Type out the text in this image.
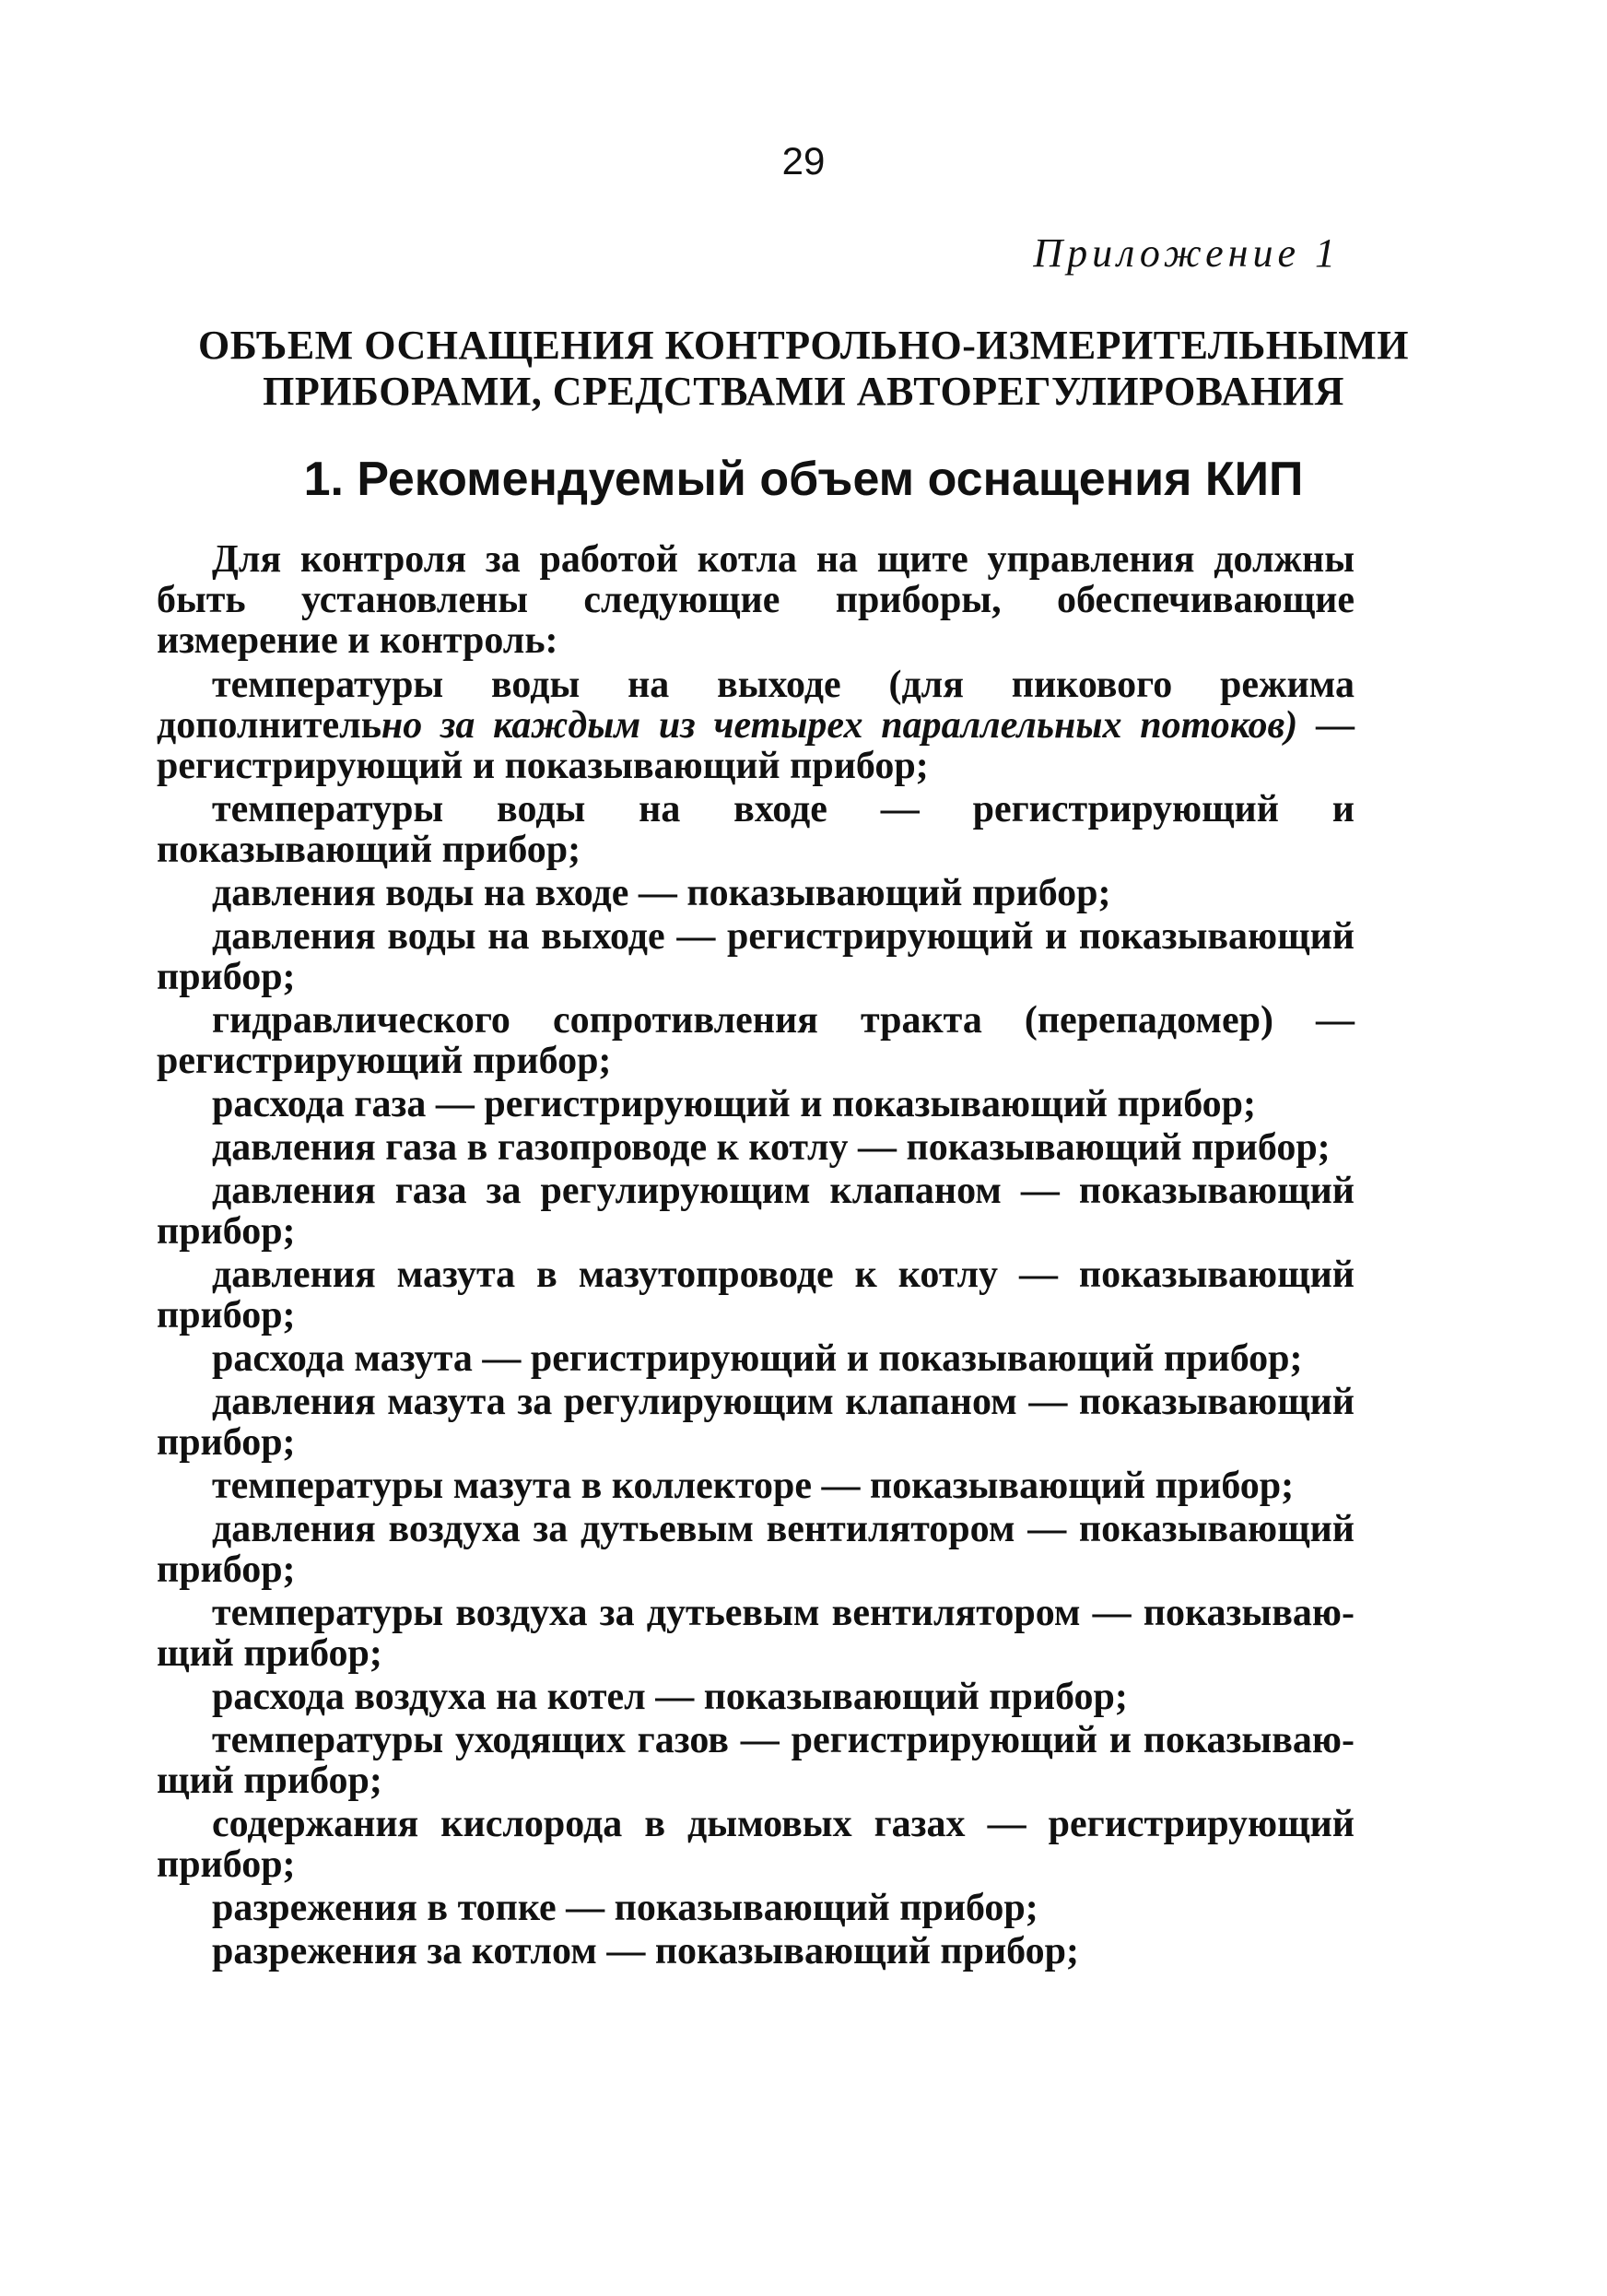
29
Приложение 1
ОБЪЕМ ОСНАЩЕНИЯ КОНТРОЛЬНО-ИЗМЕРИТЕЛЬНЫМИ
ПРИБОРАМИ, СРЕДСТВАМИ АВТОРЕГУЛИРОВАНИЯ
1. Рекомендуемый объем оснащения КИП

Для контроля за работой котла на щите управления должны быть установлены следующие приборы, обеспечивающие измерение и контроль:

температуры воды на выходе (для пикового режима дополнительно за каждым из четырех параллельных потоков) — регистрирующий и показывающий прибор;

температуры воды на входе — регистрирующий и показывающий прибор;

давления воды на входе — показывающий прибор;

давления воды на выходе — регистрирующий и показывающий прибор;

гидравлического сопротивления тракта (перепадомер) — регистрирующий прибор;

расхода газа — регистрирующий и показывающий прибор;

давления газа в газопроводе к котлу — показывающий прибор;

давления газа за регулирующим клапаном — показывающий прибор;

давления мазута в мазутопроводе к котлу — показывающий прибор;

расхода мазута — регистрирующий и показывающий прибор;

давления мазута за регулирующим клапаном — показывающий прибор;

температуры мазута в коллекторе — показывающий прибор;

давления воздуха за дутьевым вентилятором — показывающий прибор;

температуры воздуха за дутьевым вентилятором — показывающий прибор;

расхода воздуха на котел — показывающий прибор;

температуры уходящих газов — регистрирующий и показывающий прибор;

содержания кислорода в дымовых газах — регистрирующий прибор;

разрежения в топке — показывающий прибор;

разрежения за котлом — показывающий прибор;
